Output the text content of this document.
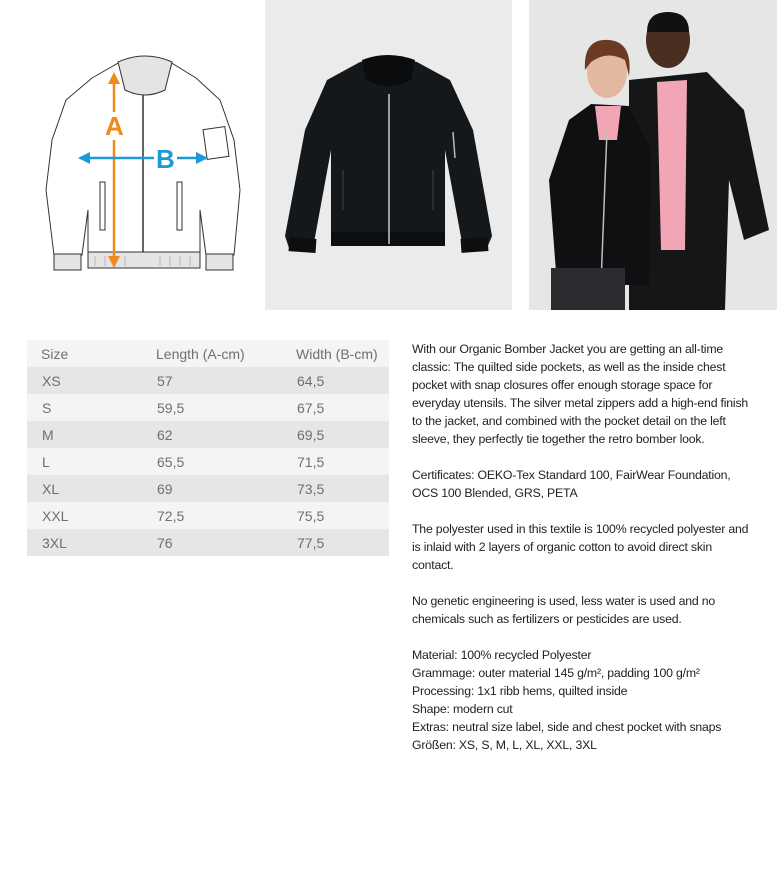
A
B
Size	Length (A-cm)	Width (B-cm)
XS	57	64,5
S	59,5	67,5
M	62	69,5
L	65,5	71,5
XL	69	73,5
XXL	72,5	75,5
3XL	76	77,5

With our Organic Bomber Jacket you are getting an all-time classic: The quilted side pockets, as well as the inside chest pocket with snap closures offer enough storage space for everyday utensils. The silver metal zippers add a high-end finish to the jacket, and combined with the pocket detail on the left sleeve, they perfectly tie together the retro bomber look.

Certificates: OEKO-Tex Standard 100, FairWear Foundation, OCS 100 Blended, GRS, PETA

The polyester used in this textile is 100% recycled polyester and is inlaid with 2 layers of organic cotton to avoid direct skin contact.

No genetic engineering is used, less water is used and no chemicals such as fertilizers or pesticides are used.

Material: 100% recycled Polyester
Grammage: outer material 145 g/m², padding 100 g/m²
Processing: 1x1 ribb hems, quilted inside
Shape: modern cut
Extras: neutral size label, side and chest pocket with snaps
Größen: XS, S, M, L, XL, XXL, 3XL
